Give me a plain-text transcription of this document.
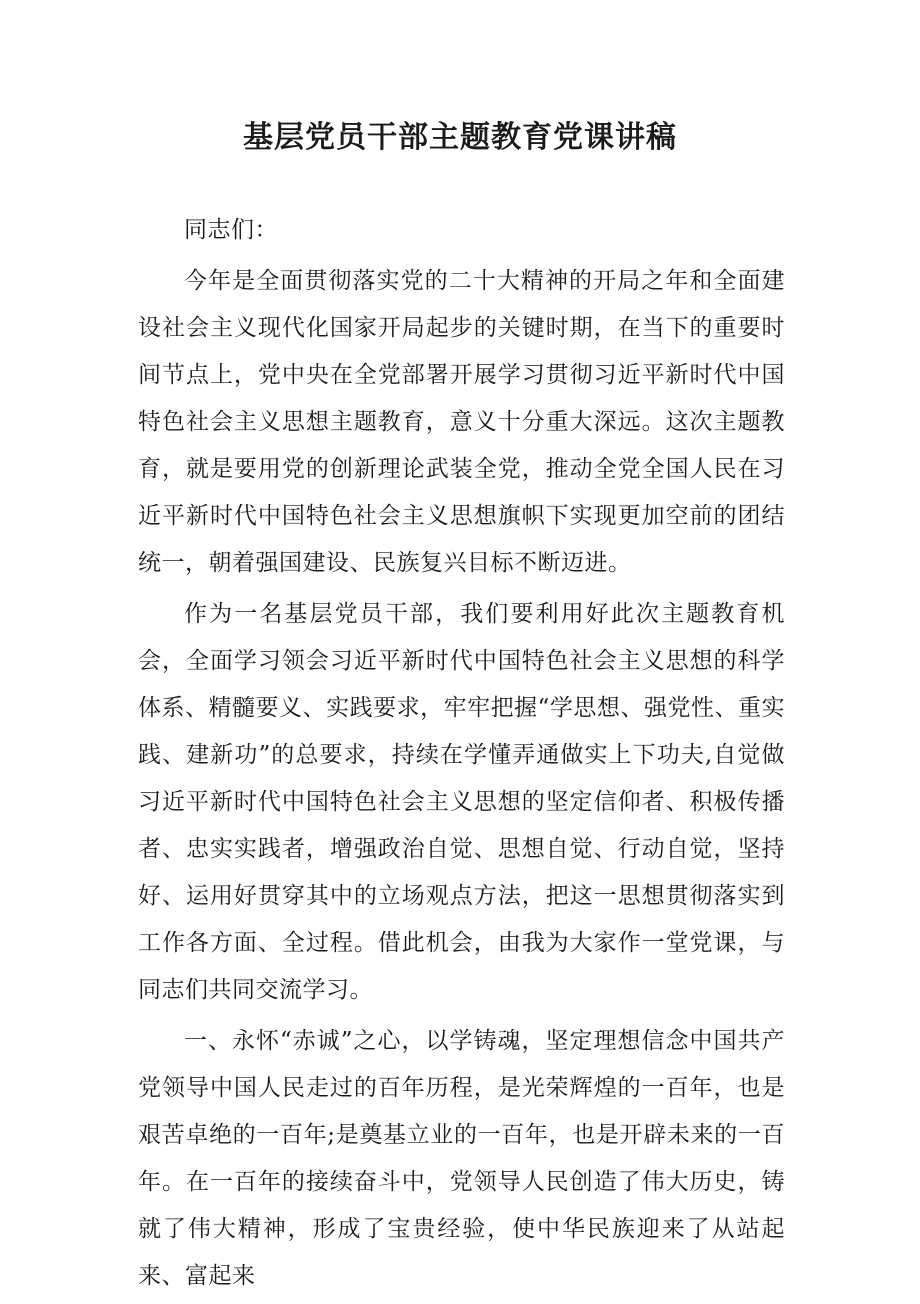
基层党员干部主题教育党课讲稿

同志们：

今年是全面贯彻落实党的二十大精神的开局之年和全面建设社会主义现代化国家开局起步的关键时期，在当下的重要时间节点上，党中央在全党部署开展学习贯彻习近平新时代中国特色社会主义思想主题教育，意义十分重大深远。这次主题教育，就是要用党的创新理论武装全党，推动全党全国人民在习近平新时代中国特色社会主义思想旗帜下实现更加空前的团结统一，朝着强国建设、民族复兴目标不断迈进。

作为一名基层党员干部，我们要利用好此次主题教育机会，全面学习领会习近平新时代中国特色社会主义思想的科学体系、精髓要义、实践要求，牢牢把握“学思想、强党性、重实践、建新功”的总要求，持续在学懂弄通做实上下功夫,自觉做习近平新时代中国特色社会主义思想的坚定信仰者、积极传播者、忠实实践者，增强政治自觉、思想自觉、行动自觉，坚持好、运用好贯穿其中的立场观点方法，把这一思想贯彻落实到工作各方面、全过程。借此机会，由我为大家作一堂党课，与同志们共同交流学习。

一、永怀“赤诚”之心，以学铸魂，坚定理想信念中国共产党领导中国人民走过的百年历程，是光荣辉煌的一百年，也是艰苦卓绝的一百年;是奠基立业的一百年，也是开辟未来的一百年。在一百年的接续奋斗中，党领导人民创造了伟大历史，铸就了伟大精神，形成了宝贵经验，使中华民族迎来了从站起来、富起来
